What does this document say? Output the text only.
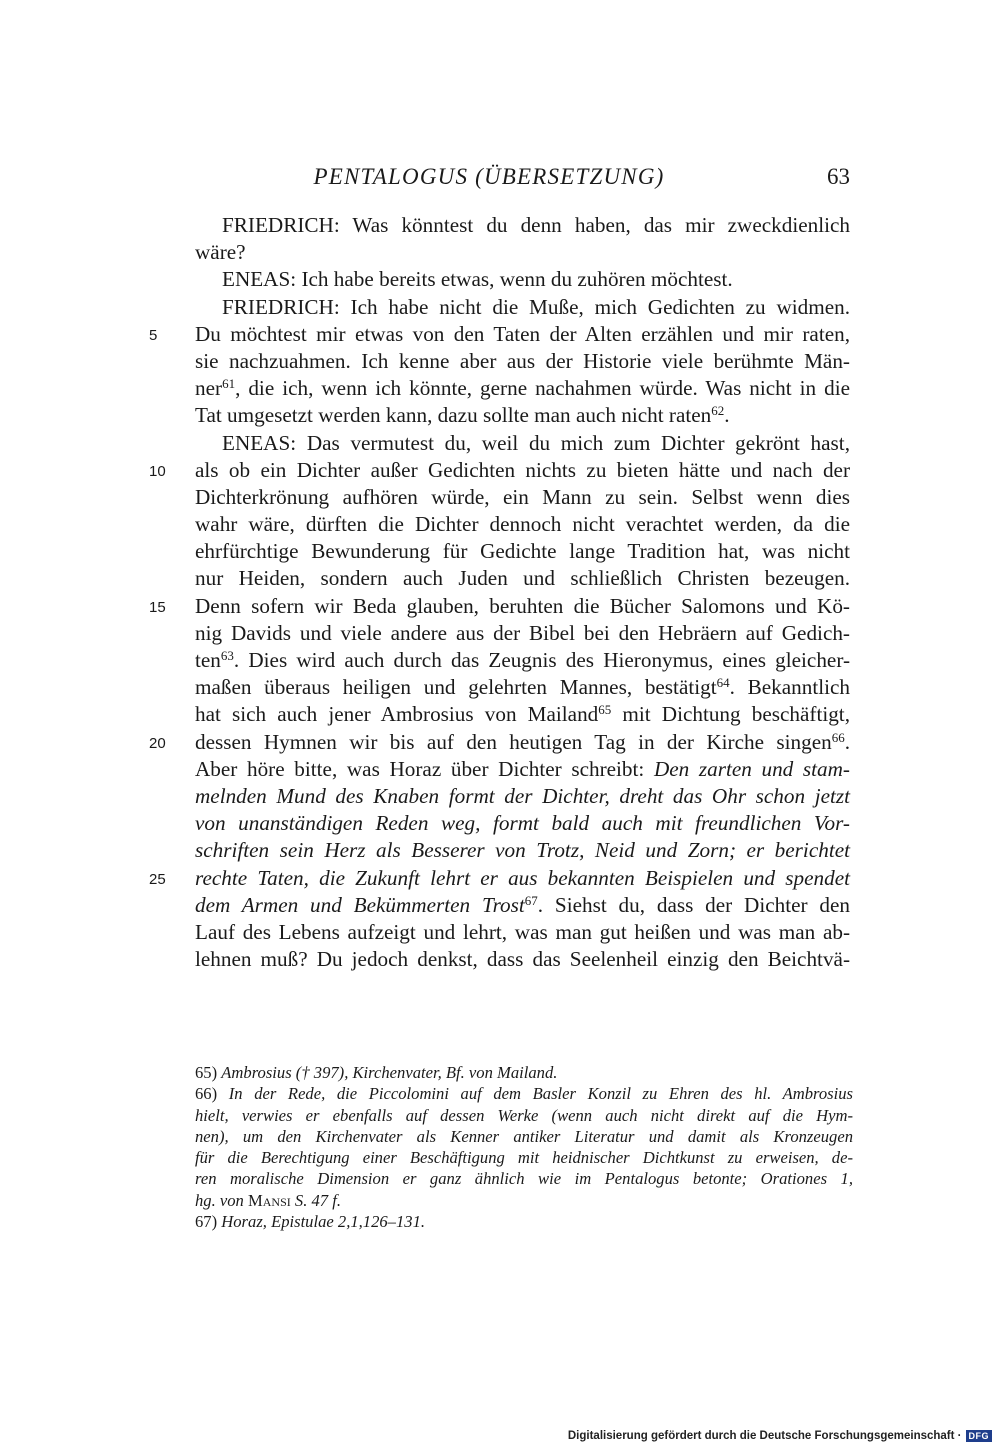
PENTALOGUS (ÜBERSETZUNG)	63
FRIEDRICH: Was könntest du denn haben, das mir zweckdienlich
wäre?
ENEAS: Ich habe bereits etwas, wenn du zuhören möchtest.
FRIEDRICH: Ich habe nicht die Muße, mich Gedichten zu widmen.
5	Du möchtest mir etwas von den Taten der Alten erzählen und mir raten,
sie nachzuahmen. Ich kenne aber aus der Historie viele berühmte Män-
ner$^{61}$, die ich, wenn ich könnte, gerne nachahmen würde. Was nicht in die
Tat umgesetzt werden kann, dazu sollte man auch nicht raten$^{62}$.
ENEAS: Das vermutest du, weil du mich zum Dichter gekrönt hast,
10	als ob ein Dichter außer Gedichten nichts zu bieten hätte und nach der
Dichterkrönung aufhören würde, ein Mann zu sein. Selbst wenn dies
wahr wäre, dürften die Dichter dennoch nicht verachtet werden, da die
ehrfürchtige Bewunderung für Gedichte lange Tradition hat, was nicht
nur Heiden, sondern auch Juden und schließlich Christen bezeugen.
15	Denn sofern wir Beda glauben, beruhten die Bücher Salomons und Kö-
nig Davids und viele andere aus der Bibel bei den Hebräern auf Gedich-
ten$^{63}$. Dies wird auch durch das Zeugnis des Hieronymus, eines gleicher-
maßen überaus heiligen und gelehrten Mannes, bestätigt$^{64}$. Bekanntlich
hat sich auch jener Ambrosius von Mailand$^{65}$ mit Dichtung beschäftigt,
20	dessen Hymnen wir bis auf den heutigen Tag in der Kirche singen$^{66}$.
Aber höre bitte, was Horaz über Dichter schreibt: Den zarten und stam-
melnden Mund des Knaben formt der Dichter, dreht das Ohr schon jetzt
von unanständigen Reden weg, formt bald auch mit freundlichen Vor-
schriften sein Herz als Besserer von Trotz, Neid und Zorn; er berichtet
25	rechte Taten, die Zukunft lehrt er aus bekannten Beispielen und spendet
dem Armen und Bekümmerten Trost$^{67}$. Siehst du, dass der Dichter den
Lauf des Lebens aufzeigt und lehrt, was man gut heißen und was man ab-
lehnen muß? Du jedoch denkst, dass das Seelenheil einzig den Beichtvä-
65) Ambrosius († 397), Kirchenvater, Bf. von Mailand.
66) In der Rede, die Piccolomini auf dem Basler Konzil zu Ehren des hl. Ambrosius
hielt, verwies er ebenfalls auf dessen Werke (wenn auch nicht direkt auf die Hym-
nen), um den Kirchenvater als Kenner antiker Literatur und damit als Kronzeugen
für die Berechtigung einer Beschäftigung mit heidnischer Dichtkunst zu erweisen, de-
ren moralische Dimension er ganz ähnlich wie im Pentalogus betonte; Orationes 1,
hg. von Mansi S. 47 f.
67) Horaz, Epistulae 2,1,126–131.
Digitalisierung gefördert durch die Deutsche Forschungsgemeinschaft · DFG
